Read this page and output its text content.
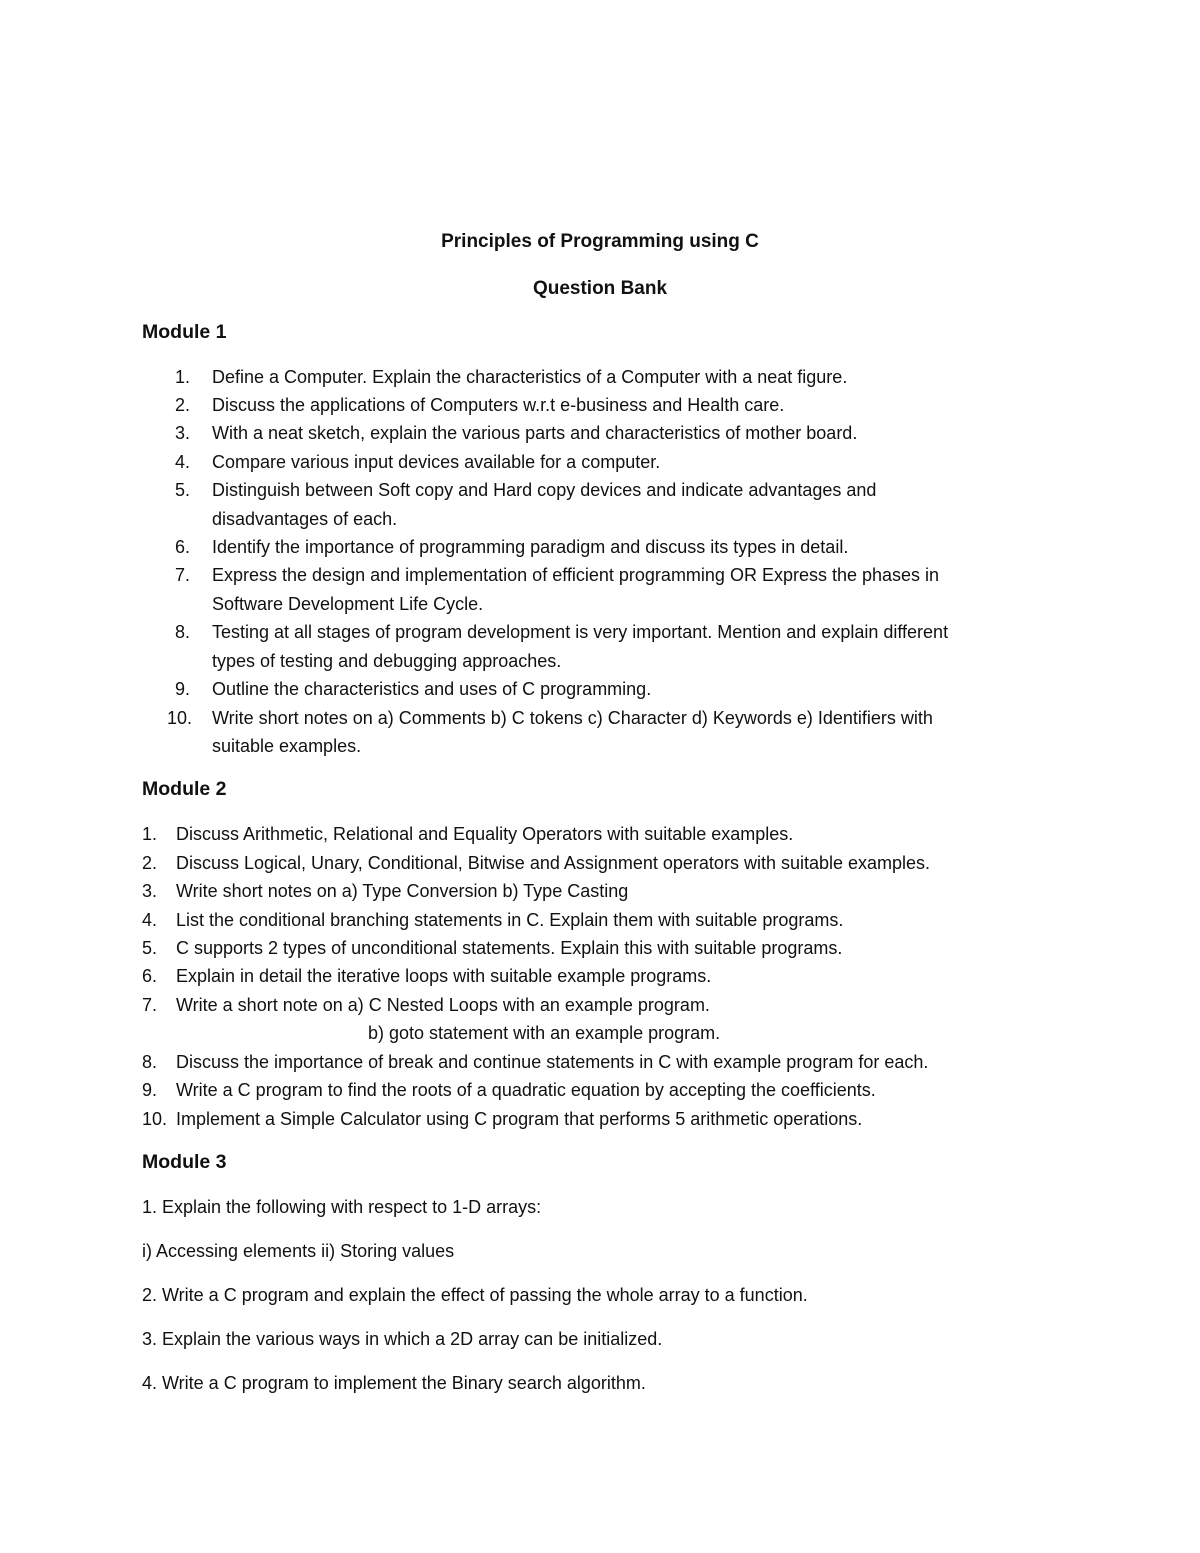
Principles of Programming using C
Question Bank
Module 1
1. Define a Computer. Explain the characteristics of a Computer with a neat figure.
2. Discuss the applications of Computers w.r.t e-business and Health care.
3. With a neat sketch, explain the various parts and characteristics of mother board.
4. Compare various input devices available for a computer.
5. Distinguish between Soft copy and Hard copy devices and indicate advantages and
disadvantages of each.
6. Identify the importance of programming paradigm and discuss its types in detail.
7. Express the design and implementation of efficient programming OR Express the phases in
Software Development Life Cycle.
8. Testing at all stages of program development is very important. Mention and explain different
types of testing and debugging approaches.
9. Outline the characteristics and uses of C programming.
10. Write short notes on a) Comments b) C tokens c) Character d) Keywords e) Identifiers with
suitable examples.
Module 2
1. Discuss Arithmetic, Relational and Equality Operators with suitable examples.
2. Discuss Logical, Unary, Conditional, Bitwise and Assignment operators with suitable examples.
3. Write short notes on a) Type Conversion b) Type Casting
4. List the conditional branching statements in C. Explain them with suitable programs.
5. C supports 2 types of unconditional statements. Explain this with suitable programs.
6. Explain in detail the iterative loops with suitable example programs.
7. Write a short note on a) C Nested Loops with an example program.
b) goto statement with an example program.
8. Discuss the importance of break and continue statements in C with example program for each.
9. Write a C program to find the roots of a quadratic equation by accepting the coefficients.
10. Implement a Simple Calculator using C program that performs 5 arithmetic operations.
Module 3
1. Explain the following with respect to 1-D arrays:
i) Accessing elements ii) Storing values
2. Write a C program and explain the effect of passing the whole array to a function.
3. Explain the various ways in which a 2D array can be initialized.
4. Write a C program to implement the Binary search algorithm.
